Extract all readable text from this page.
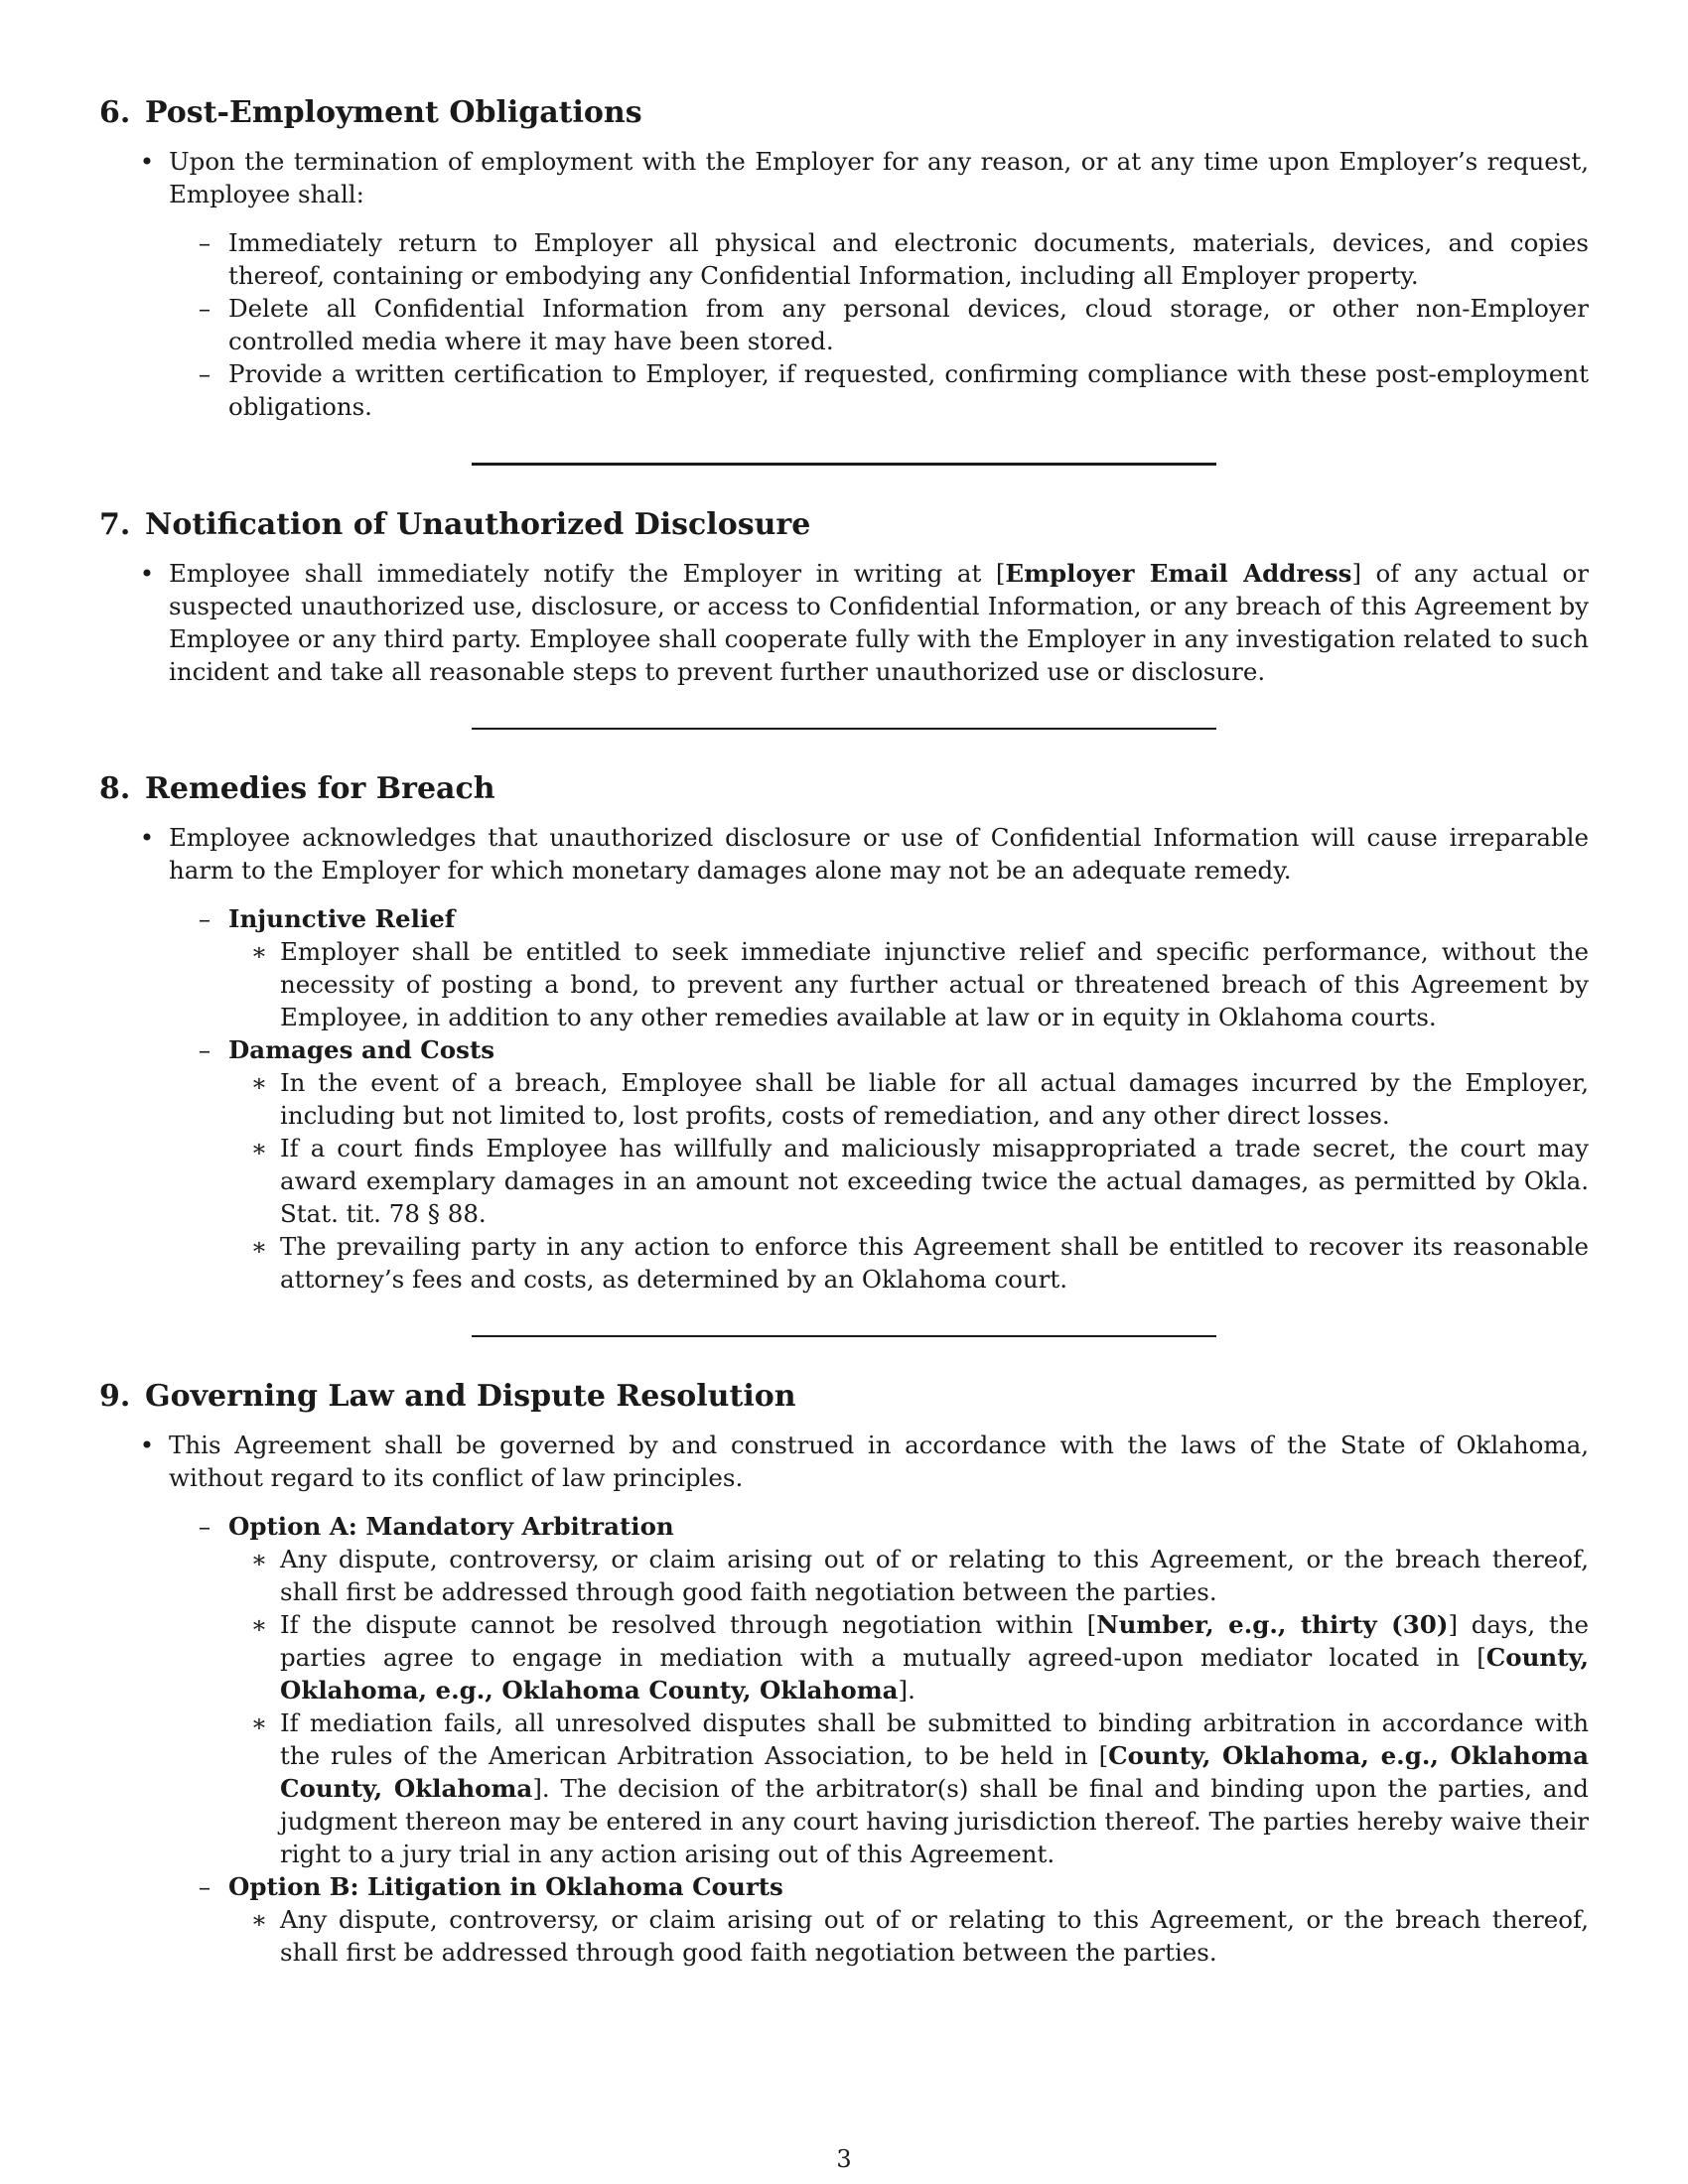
6. Post-Employment Obligations
• Upon the termination of employment with the Employer for any reason, or at any time upon Employer’s request, Employee shall:
– Immediately return to Employer all physical and electronic documents, materials, devices, and copies thereof, containing or embodying any Confidential Information, including all Employer property.
– Delete all Confidential Information from any personal devices, cloud storage, or other non-Employer controlled media where it may have been stored.
– Provide a written certification to Employer, if requested, confirming compliance with these post-employment obligations.
7. Notification of Unauthorized Disclosure
• Employee shall immediately notify the Employer in writing at [Employer Email Address] of any actual or suspected unauthorized use, disclosure, or access to Confidential Information, or any breach of this Agreement by Employee or any third party. Employee shall cooperate fully with the Employer in any investigation related to such incident and take all reasonable steps to prevent further unauthorized use or disclosure.
8. Remedies for Breach
• Employee acknowledges that unauthorized disclosure or use of Confidential Information will cause irreparable harm to the Employer for which monetary damages alone may not be an adequate remedy.
– Injunctive Relief
∗ Employer shall be entitled to seek immediate injunctive relief and specific performance, without the necessity of posting a bond, to prevent any further actual or threatened breach of this Agreement by Employee, in addition to any other remedies available at law or in equity in Oklahoma courts.
– Damages and Costs
∗ In the event of a breach, Employee shall be liable for all actual damages incurred by the Employer, including but not limited to, lost profits, costs of remediation, and any other direct losses.
∗ If a court finds Employee has willfully and maliciously misappropriated a trade secret, the court may award exemplary damages in an amount not exceeding twice the actual damages, as permitted by Okla. Stat. tit. 78 § 88.
∗ The prevailing party in any action to enforce this Agreement shall be entitled to recover its reasonable attorney’s fees and costs, as determined by an Oklahoma court.
9. Governing Law and Dispute Resolution
• This Agreement shall be governed by and construed in accordance with the laws of the State of Oklahoma, without regard to its conflict of law principles.
– Option A: Mandatory Arbitration
∗ Any dispute, controversy, or claim arising out of or relating to this Agreement, or the breach thereof, shall first be addressed through good faith negotiation between the parties.
∗ If the dispute cannot be resolved through negotiation within [Number, e.g., thirty (30)] days, the parties agree to engage in mediation with a mutually agreed-upon mediator located in [County, Oklahoma, e.g., Oklahoma County, Oklahoma].
∗ If mediation fails, all unresolved disputes shall be submitted to binding arbitration in accordance with the rules of the American Arbitration Association, to be held in [County, Oklahoma, e.g., Oklahoma County, Oklahoma]. The decision of the arbitrator(s) shall be final and binding upon the parties, and judgment thereon may be entered in any court having jurisdiction thereof. The parties hereby waive their right to a jury trial in any action arising out of this Agreement.
– Option B: Litigation in Oklahoma Courts
∗ Any dispute, controversy, or claim arising out of or relating to this Agreement, or the breach thereof, shall first be addressed through good faith negotiation between the parties.
3
